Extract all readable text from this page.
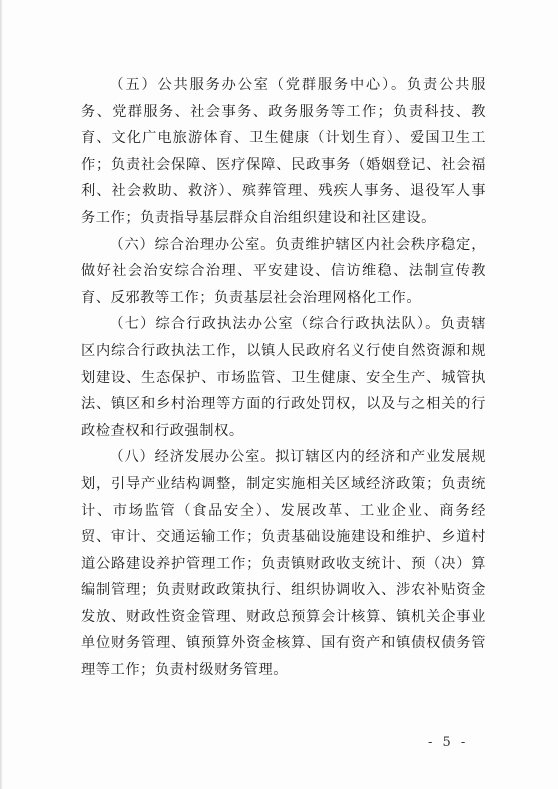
（五）公共服务办公室（党群服务中心）。负责公共服务、党群服务、社会事务、政务服务等工作；负责科技、教育、文化广电旅游体育、卫生健康（计划生育）、爱国卫生工作；负责社会保障、医疗保障、民政事务（婚姻登记、社会福利、社会救助、救济）、殡葬管理、残疾人事务、退役军人事务工作；负责指导基层群众自治组织建设和社区建设。

（六）综合治理办公室。负责维护辖区内社会秩序稳定，做好社会治安综合治理、平安建设、信访维稳、法制宣传教育、反邪教等工作；负责基层社会治理网格化工作。

（七）综合行政执法办公室（综合行政执法队）。负责辖区内综合行政执法工作，以镇人民政府名义行使自然资源和规划建设、生态保护、市场监管、卫生健康、安全生产、城管执法、镇区和乡村治理等方面的行政处罚权，以及与之相关的行政检查权和行政强制权。

（八）经济发展办公室。拟订辖区内的经济和产业发展规划，引导产业结构调整，制定实施相关区域经济政策；负责统计、市场监管（食品安全）、发展改革、工业企业、商务经贸、审计、交通运输工作；负责基础设施建设和维护、乡道村道公路建设养护管理工作；负责镇财政收支统计、预（决）算编制管理；负责财政政策执行、组织协调收入、涉农补贴资金发放、财政性资金管理、财政总预算会计核算、镇机关企事业单位财务管理、镇预算外资金核算、国有资产和镇债权债务管理等工作；负责村级财务管理。

- 5 -
